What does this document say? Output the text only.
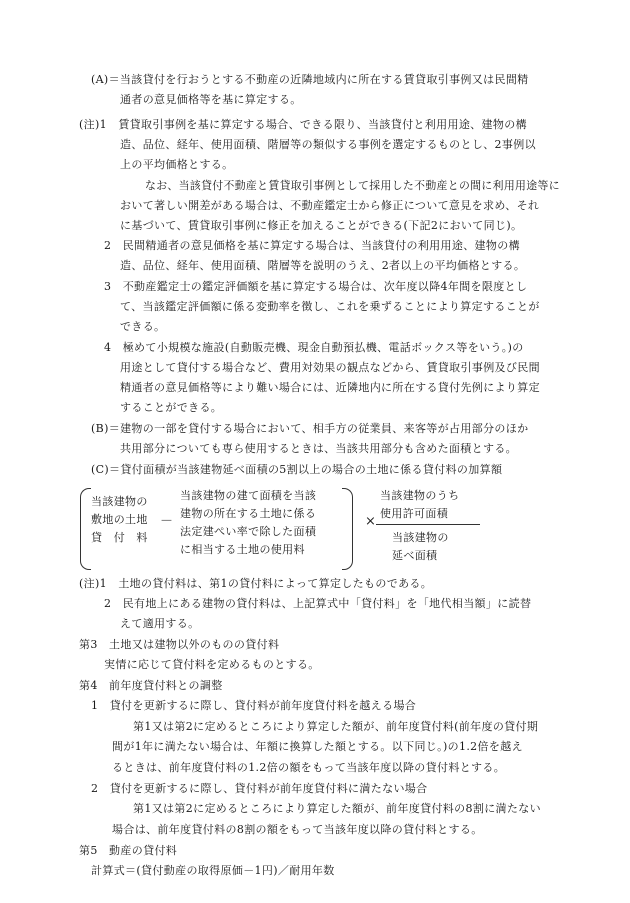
(A)＝当該貸付を行おうとする不動産の近隣地域内に所在する賃貸取引事例又は民間精
通者の意見価格等を基に算定する。
(注)1　賃貸取引事例を基に算定する場合、できる限り、当該貸付と利用用途、建物の構
造、品位、経年、使用面積、階層等の類似する事例を選定するものとし、2事例以
上の平均価格とする。
なお、当該貸付不動産と賃貸取引事例として採用した不動産との間に利用用途等に
おいて著しい開差がある場合は、不動産鑑定士から修正について意見を求め、それ
に基づいて、賃貸取引事例に修正を加えることができる(下記2において同じ)。
2　民間精通者の意見価格を基に算定する場合は、当該貸付の利用用途、建物の構
造、品位、経年、使用面積、階層等を説明のうえ、2者以上の平均価格とする。
3　不動産鑑定士の鑑定評価額を基に算定する場合は、次年度以降4年間を限度とし
て、当該鑑定評価額に係る変動率を徴し、これを乗ずることにより算定することが
できる。
4　極めて小規模な施設(自動販売機、現金自動預払機、電話ボックス等をいう。)の
用途として貸付する場合など、費用対効果の観点などから、賃貸取引事例及び民間
精通者の意見価格等により難い場合には、近隣地内に所在する貸付先例により算定
することができる。
(B)＝建物の一部を貸付する場合において、相手方の従業員、来客等が占用部分のほか
共用部分についても専ら使用するときは、当該共用部分も含めた面積とする。
(C)＝貸付面積が当該建物延べ面積の5割以上の場合の土地に係る貸付料の加算額
当該建物の
敷地の土地
貸　付　料
－
当該建物の建て面積を当該
建物の所在する土地に係る
法定建ぺい率で除した面積
に相当する土地の使用料
×
当該建物のうち
使用許可面積
当該建物の
延べ面積
(注)1　土地の貸付料は、第1の貸付料によって算定したものである。
2　民有地上にある建物の貸付料は、上記算式中「貸付料」を「地代相当額」に読替
えて適用する。
第3　土地又は建物以外のものの貸付料
実情に応じて貸付料を定めるものとする。
第4　前年度貸付料との調整
1　貸付を更新するに際し、貸付料が前年度貸付料を越える場合
第1又は第2に定めるところにより算定した額が、前年度貸付料(前年度の貸付期
間が1年に満たない場合は、年額に換算した額とする。以下同じ。)の1.2倍を越え
るときは、前年度貸付料の1.2倍の額をもって当該年度以降の貸付料とする。
2　貸付を更新するに際し、貸付料が前年度貸付料に満たない場合
第1又は第2に定めるところにより算定した額が、前年度貸付料の8割に満たない
場合は、前年度貸付料の8割の額をもって当該年度以降の貸付料とする。
第5　動産の貸付料
計算式＝(貸付動産の取得原価－1円)／耐用年数
